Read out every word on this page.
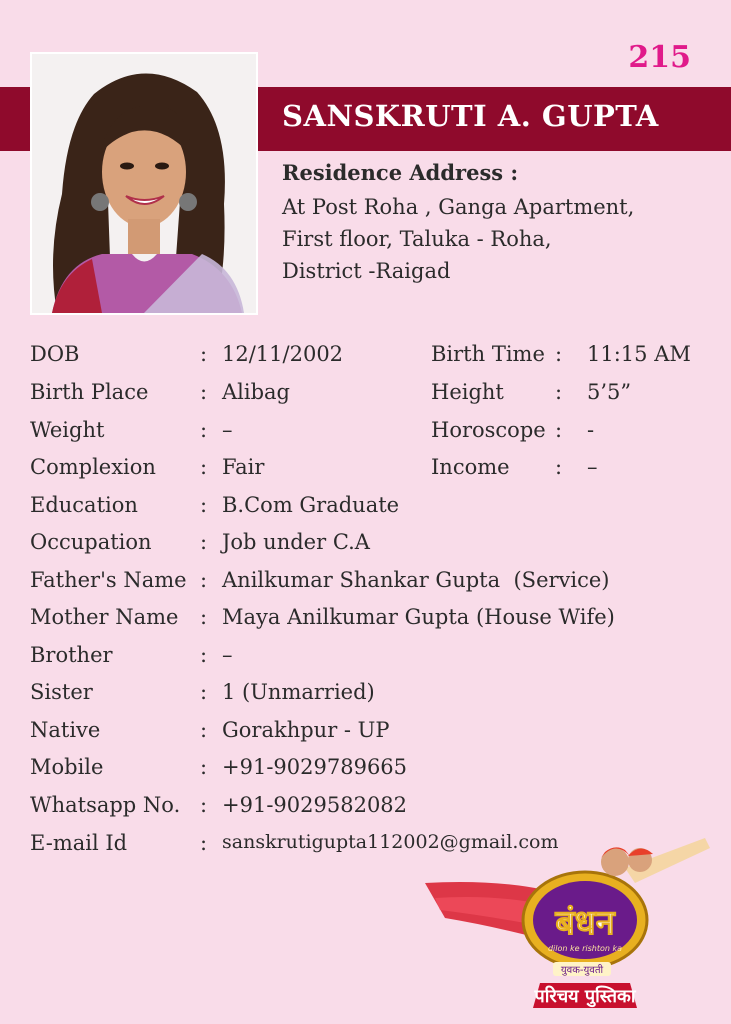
215
SANSKRUTI A. GUPTA
Residence Address :
At Post Roha , Ganga Apartment,
First floor, Taluka - Roha,
District -Raigad
DOB	: 12/11/2002	Birth Time : 11:15 AM
Birth Place : Alibag	Height : 5’5”
Weight	: –	Horoscope : -
Complexion : Fair	Income : –
Education	: B.Com Graduate
Occupation : Job under C.A
Father's Name : Anilkumar Shankar Gupta  (Service)
Mother Name : Maya Anilkumar Gupta (House Wife)
Brother	: –
Sister	: 1 (Unmarried)
Native	: Gorakhpur - UP
Mobile	: +91-9029789665
Whatsapp No. : +91-9029582082
E-mail Id	: sanskrutigupta112002@gmail.com
बंधन
dilon ke rishton ka
युवक-युवती
परिचय पुस्तिका
